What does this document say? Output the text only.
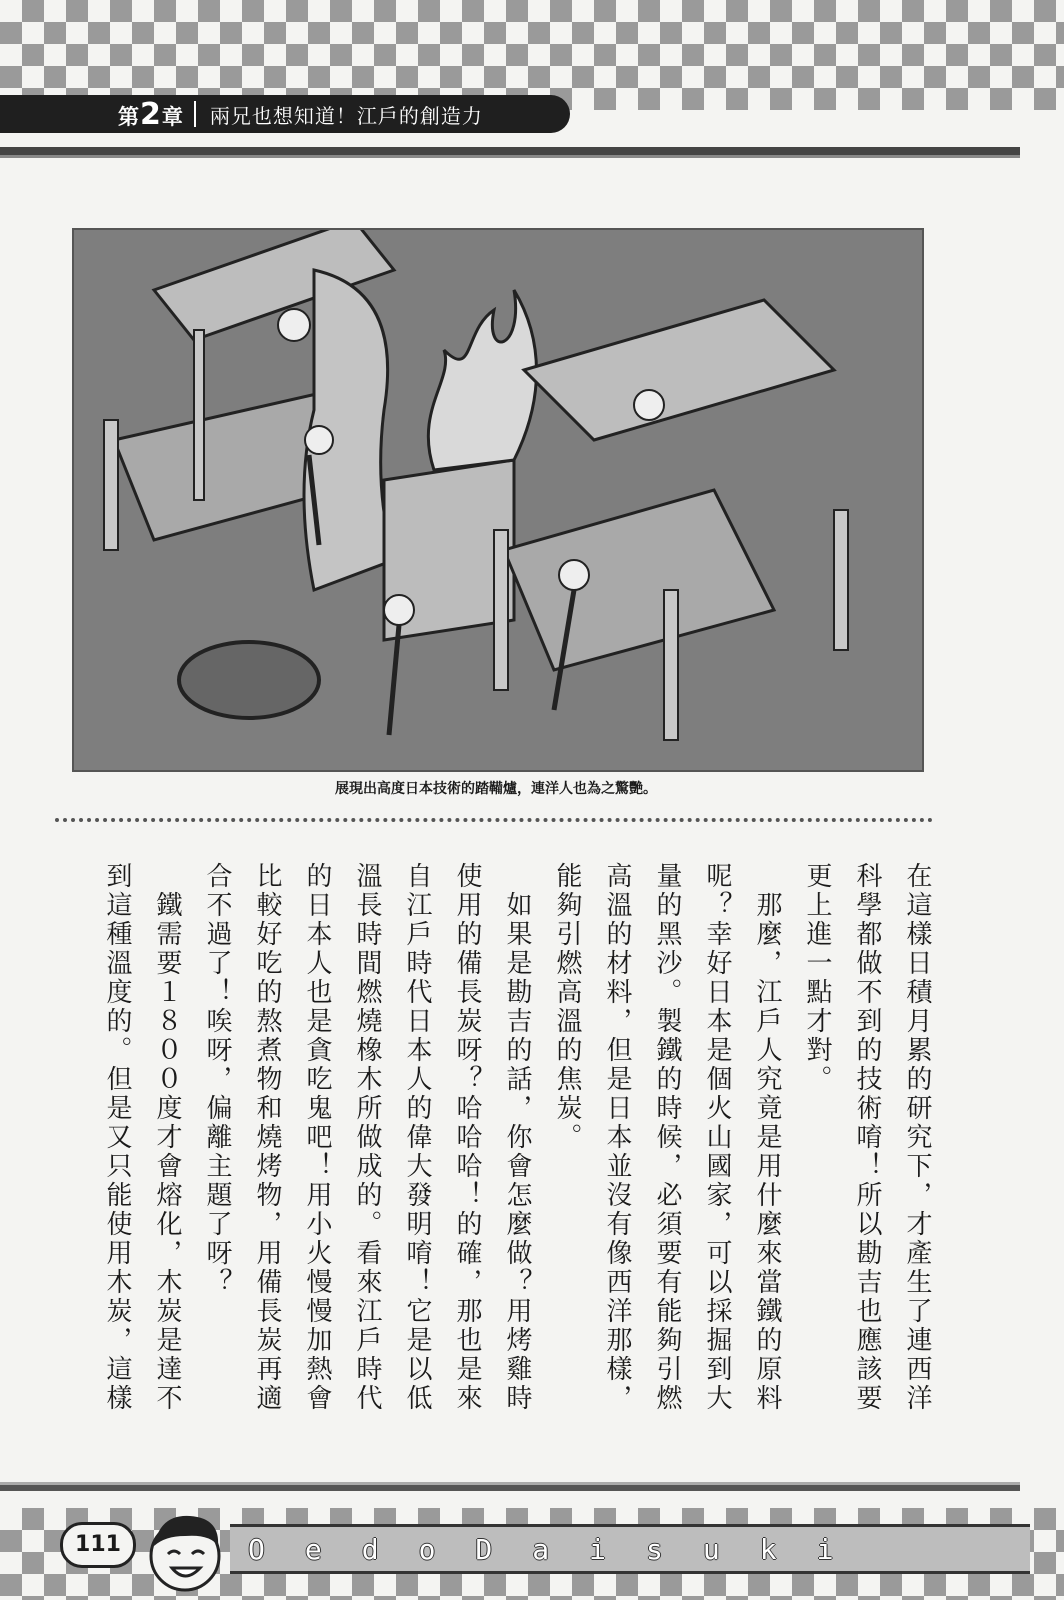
第2章 兩兄也想知道！江戶的創造力
展現出高度日本技術的踏鞴爐，連洋人也為之驚艷。
在這樣日積月累的研究下，才產生了連西洋
科學都做不到的技術唷！所以勘吉也應該要
更上進一點才對。
　那麼，江戶人究竟是用什麼來當鐵的原料
呢？幸好日本是個火山國家，可以採掘到大
量的黑沙。製鐵的時候，必須要有能夠引燃
高溫的材料，但是日本並沒有像西洋那樣，
能夠引燃高溫的焦炭。
　如果是勘吉的話，你會怎麼做？用烤雞時
使用的備長炭呀？哈哈哈！的確，那也是來
自江戶時代日本人的偉大發明唷！它是以低
溫長時間燃燒橡木所做成的。看來江戶時代
的日本人也是貪吃鬼吧！用小火慢慢加熱會
比較好吃的熬煮物和燒烤物，用備長炭再適
合不過了！唉呀，偏離主題了呀？
　鐵需要１８００度才會熔化，木炭是達不
到這種溫度的。但是又只能使用木炭，這樣
OedoDaisuki
111
